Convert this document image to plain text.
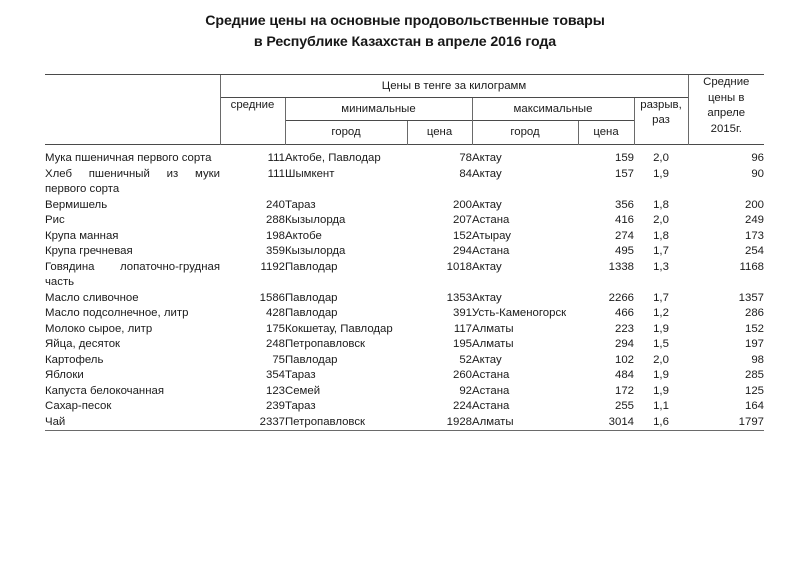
Средние цены на основные продовольственные товары
в Республике Казахстан в апреле 2016 года
	Цены в тенге за килограмм						Средние
цены в
апреле
2015г.

	средние	минимальные		максимальные		разрыв,
раз	

		город	цена	город	цена		

Мука пшеничная первого сорта	111	Актобе, Павлодар	78	Актау	159	2,0	96

Хлеб пшеничный из муки первого сорта	111	Шымкент	84	Актау	157	1,9	90

Вермишель	240	Тараз	200	Актау	356	1,8	200

Рис	288	Кызылорда	207	Астана	416	2,0	249

Крупа манная	198	Актобе	152	Атырау	274	1,8	173

Крупа гречневая	359	Кызылорда	294	Астана	495	1,7	254

Говядина лопаточно-грудная часть	1192	Павлодар	1018	Актау	1338	1,3	1168

Масло сливочное	1586	Павлодар	1353	Актау	2266	1,7	1357

Масло подсолнечное, литр	428	Павлодар	391	Усть-Каменогорск	466	1,2	286

Молоко сырое, литр	175	Кокшетау, Павлодар	117	Алматы	223	1,9	152

Яйца, десяток	248	Петропавловск	195	Алматы	294	1,5	197

Картофель	75	Павлодар	52	Актау	102	2,0	98

Яблоки	354	Тараз	260	Астана	484	1,9	285

Капуста белокочанная	123	Семей	92	Астана	172	1,9	125

Сахар-песок	239	Тараз	224	Астана	255	1,1	164

Чай	2337	Петропавловск	1928	Алматы	3014	1,6	1797
